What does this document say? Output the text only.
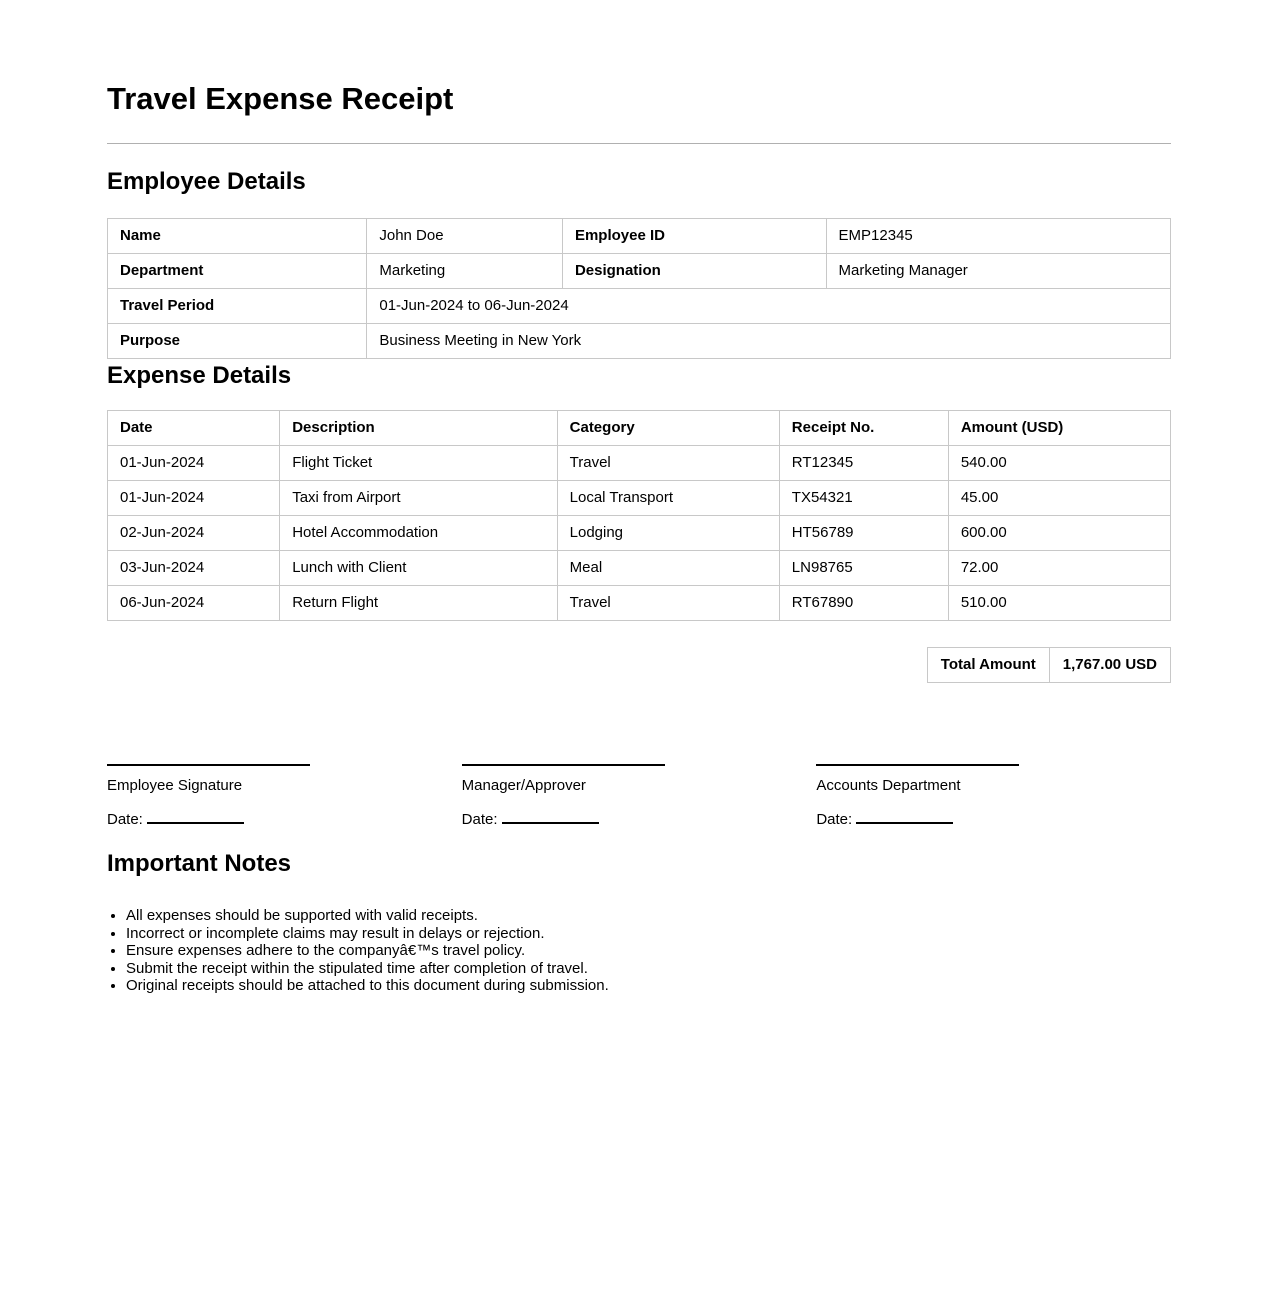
Travel Expense Receipt
Employee Details
Name	John Doe	Employee ID	EMP12345
Department	Marketing	Designation	Marketing Manager
Travel Period	01-Jun-2024 to 06-Jun-2024		
Purpose	Business Meeting in New York		
Expense Details
Date	Description	Category	Receipt No.	Amount (USD)
01-Jun-2024	Flight Ticket	Travel	RT12345	540.00
01-Jun-2024	Taxi from Airport	Local Transport	TX54321	45.00
02-Jun-2024	Hotel Accommodation	Lodging	HT56789	600.00
03-Jun-2024	Lunch with Client	Meal	LN98765	72.00
06-Jun-2024	Return Flight	Travel	RT67890	510.00
Total Amount	1,767.00 USD
Employee Signature
Date:
Manager/Approver
Date:
Accounts Department
Date:
Important Notes
• All expenses should be supported with valid receipts.
• Incorrect or incomplete claims may result in delays or rejection.
• Ensure expenses adhere to the companyâ€™s travel policy.
• Submit the receipt within the stipulated time after completion of travel.
• Original receipts should be attached to this document during submission.
